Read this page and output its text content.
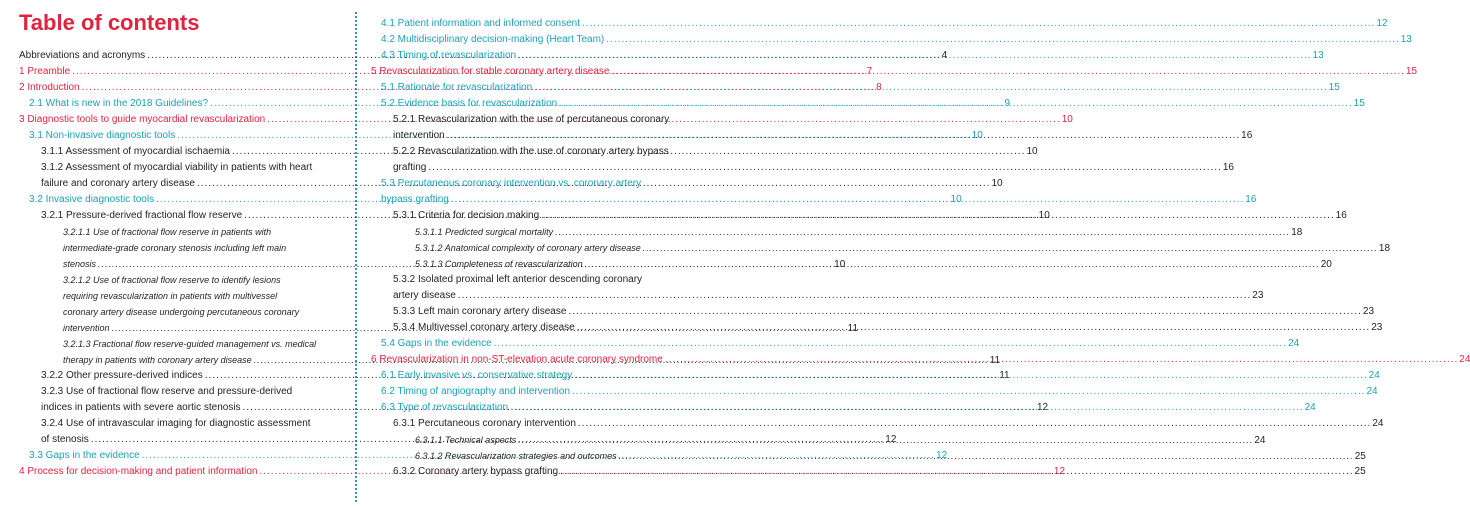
Table of contents
Abbreviations and acronyms .....	4
1 Preamble .....	7
2 Introduction .....	8
2.1 What is new in the 2018 Guidelines? .....	9
3 Diagnostic tools to guide myocardial revascularization .....	10
3.1 Non-invasive diagnostic tools .....	10
3.1.1 Assessment of myocardial ischaemia .....	10
3.1.2 Assessment of myocardial viability in patients with heart
failure and coronary artery disease .....	10
3.2 Invasive diagnostic tools .....	10
3.2.1 Pressure-derived fractional flow reserve .....	10
3.2.1.1 Use of fractional flow reserve in patients with
intermediate-grade coronary stenosis including left main
stenosis .....	10
3.2.1.2 Use of fractional flow reserve to identify lesions
requiring revascularization in patients with multivessel
coronary artery disease undergoing percutaneous coronary
intervention .....	11
3.2.1.3 Fractional flow reserve-guided management vs. medical
therapy in patients with coronary artery disease .....	11
3.2.2 Other pressure-derived indices .....	11
3.2.3 Use of fractional flow reserve and pressure-derived
indices in patients with severe aortic stenosis .....	12
3.2.4 Use of intravascular imaging for diagnostic assessment
of stenosis .....	12
3.3 Gaps in the evidence .....	12
4 Process for decision-making and patient information .....	12
4.1 Patient information and informed consent .....	12
4.2 Multidisciplinary decision-making (Heart Team) .....	13
4.3 Timing of revascularization .....	13
5 Revascularization for stable coronary artery disease .....	15
5.1 Rationale for revascularization .....	15
5.2 Evidence basis for revascularization .....	15
5.2.1 Revascularization with the use of percutaneous coronary
intervention .....	16
5.2.2 Revascularization with the use of coronary artery bypass
grafting .....	16
5.3 Percutaneous coronary intervention vs. coronary artery
bypass grafting .....	16
5.3.1 Criteria for decision making .....	16
5.3.1.1 Predicted surgical mortality .....	18
5.3.1.2 Anatomical complexity of coronary artery disease .....	18
5.3.1.3 Completeness of revascularization .....	20
5.3.2 Isolated proximal left anterior descending coronary
artery disease .....	23
5.3.3 Left main coronary artery disease .....	23
5.3.4 Multivessel coronary artery disease .....	23
5.4 Gaps in the evidence .....	24
6 Revascularization in non-ST-elevation acute coronary syndrome .....	24
6.1 Early invasive vs. conservative strategy .....	24
6.2 Timing of angiography and intervention .....	24
6.3 Type of revascularization .....	24
6.3.1 Percutaneous coronary intervention .....	24
6.3.1.1 Technical aspects .....	24
6.3.1.2 Revascularization strategies and outcomes .....	25
6.3.2 Coronary artery bypass grafting .....	25
